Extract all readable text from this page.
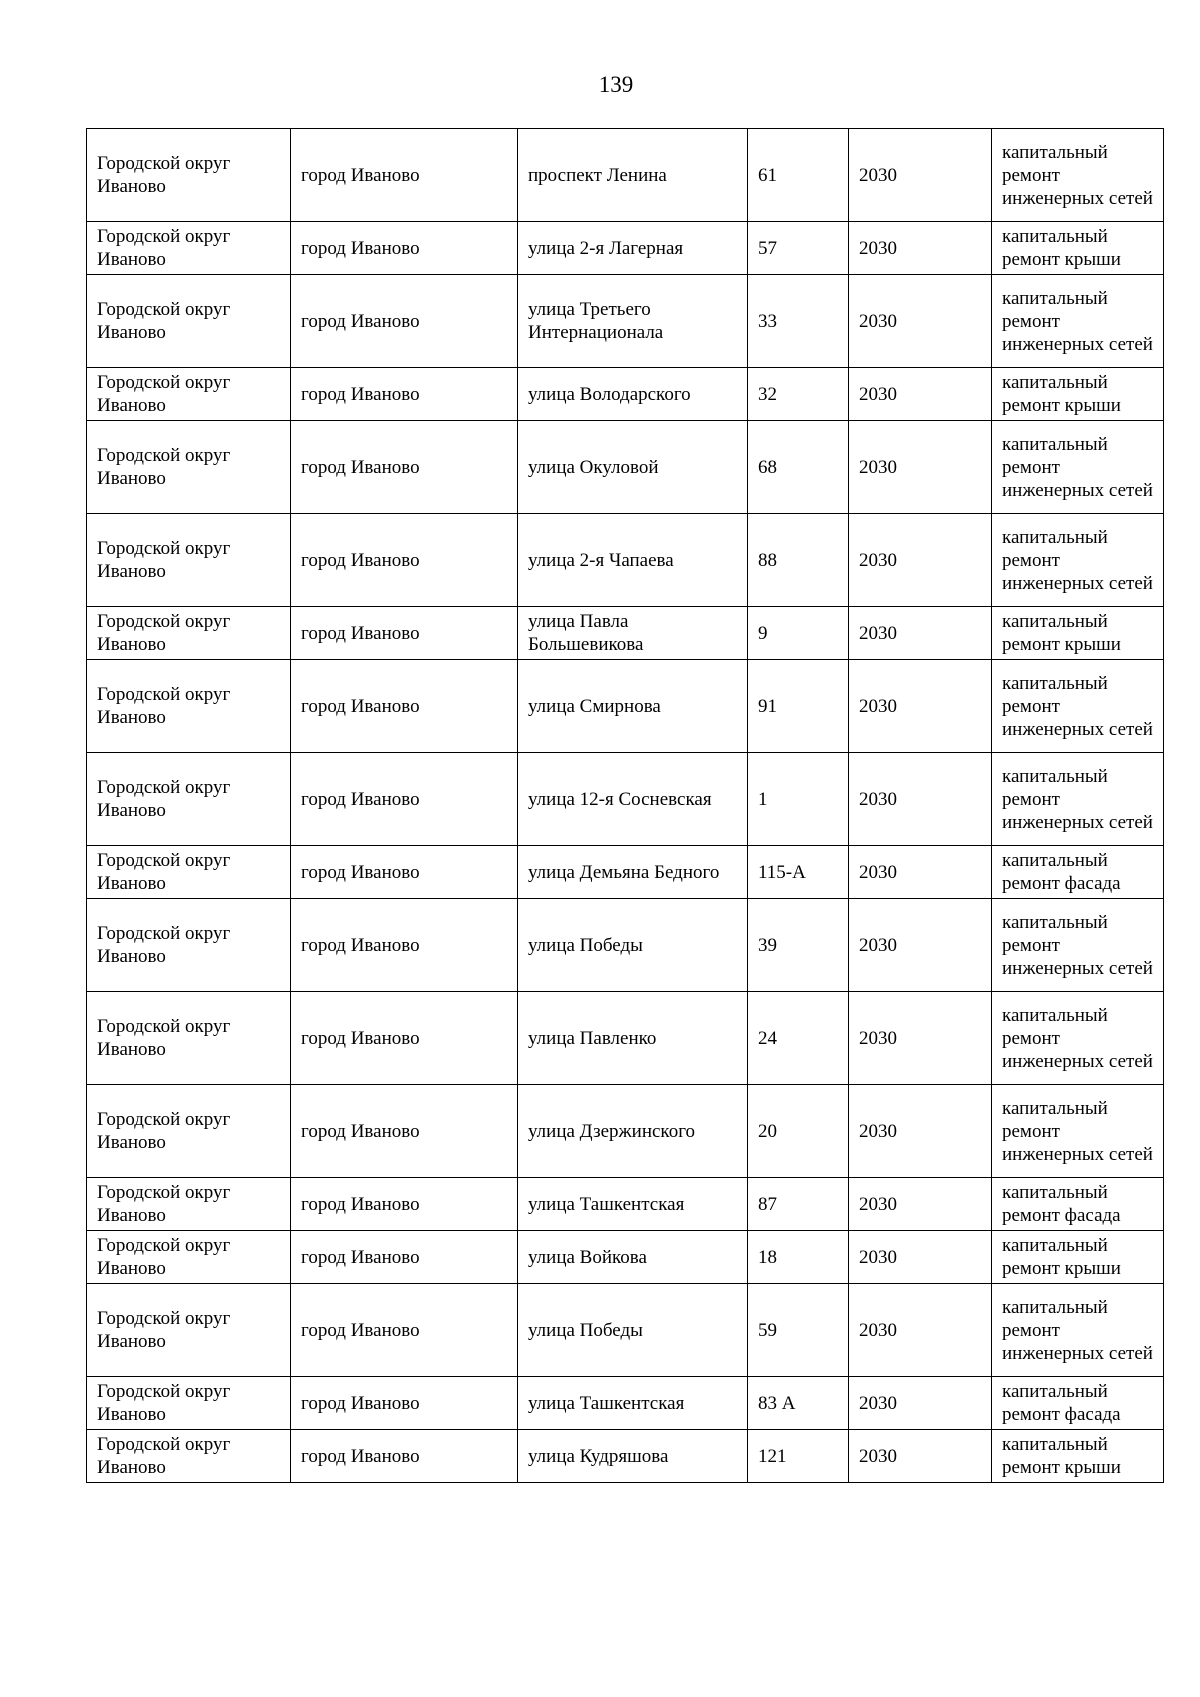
139
Городской округ Иваново	город Иваново	проспект Ленина	61	2030	капитальный ремонт инженерных сетей

Городской округ Иваново	город Иваново	улица 2-я Лагерная	57	2030	капитальный ремонт крыши

Городской округ Иваново	город Иваново	улица Третьего Интернационала	33	2030	капитальный ремонт инженерных сетей

Городской округ Иваново	город Иваново	улица Володарского	32	2030	капитальный ремонт крыши

Городской округ Иваново	город Иваново	улица Окуловой	68	2030	капитальный ремонт инженерных сетей

Городской округ Иваново	город Иваново	улица 2-я Чапаева	88	2030	капитальный ремонт инженерных сетей

Городской округ Иваново	город Иваново	улица Павла Большевикова	9	2030	капитальный ремонт крыши

Городской округ Иваново	город Иваново	улица Смирнова	91	2030	капитальный ремонт инженерных сетей

Городской округ Иваново	город Иваново	улица 12-я Сосневская	1	2030	капитальный ремонт инженерных сетей

Городской округ Иваново	город Иваново	улица Демьяна Бедного	115-А	2030	капитальный ремонт фасада

Городской округ Иваново	город Иваново	улица Победы	39	2030	капитальный ремонт инженерных сетей

Городской округ Иваново	город Иваново	улица Павленко	24	2030	капитальный ремонт инженерных сетей

Городской округ Иваново	город Иваново	улица Дзержинского	20	2030	капитальный ремонт инженерных сетей

Городской округ Иваново	город Иваново	улица Ташкентская	87	2030	капитальный ремонт фасада

Городской округ Иваново	город Иваново	улица Войкова	18	2030	капитальный ремонт крыши

Городской округ Иваново	город Иваново	улица Победы	59	2030	капитальный ремонт инженерных сетей

Городской округ Иваново	город Иваново	улица Ташкентская	83 А	2030	капитальный ремонт фасада

Городской округ Иваново	город Иваново	улица Кудряшова	121	2030	капитальный ремонт крыши
